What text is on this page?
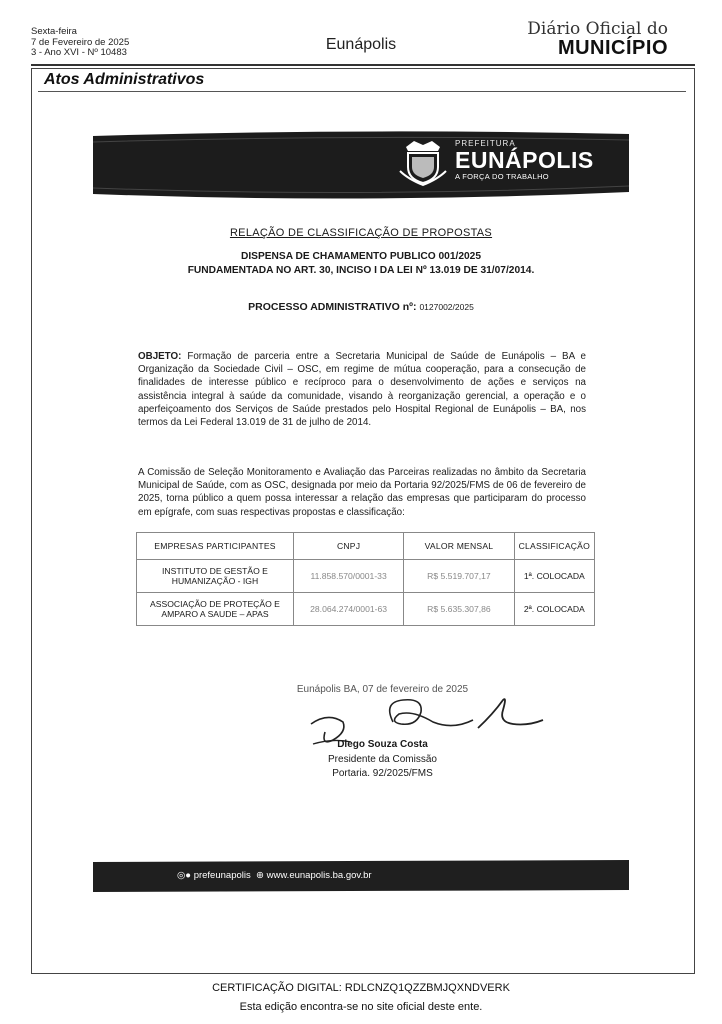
Sexta-feira
7 de Fevereiro de 2025
3 - Ano XVI - Nº 10483	Eunápolis
Diário Oficial do
MUNICÍPIO
Atos Administrativos
PREFEITURA
EUNÁPOLIS
A FORÇA DO TRABALHO
RELAÇÃO DE CLASSIFICAÇÃO DE PROPOSTAS
DISPENSA DE CHAMAMENTO PUBLICO 001/2025
FUNDAMENTADA NO ART. 30, INCISO I DA LEI Nº 13.019 DE 31/07/2014.
PROCESSO ADMINISTRATIVO nº: 0127002/2025
OBJETO: Formação de parceria entre a Secretaria Municipal de Saúde de Eunápolis – BA e Organização da Sociedade Civil – OSC, em regime de mútua cooperação, para a consecução de finalidades de interesse público e recíproco para o desenvolvimento de ações e serviços na assistência integral à saúde da comunidade, visando à reorganização gerencial, a operação e o aperfeiçoamento dos Serviços de Saúde prestados pelo Hospital Regional de Eunápolis – BA, nos termos da Lei Federal 13.019 de 31 de julho de 2014.
A Comissão de Seleção Monitoramento e Avaliação das Parceiras realizadas no âmbito da Secretaria Municipal de Saúde, com as OSC, designada por meio da Portaria 92/2025/FMS de 06 de fevereiro de 2025, torna público a quem possa interessar a relação das empresas que participaram do processo em epígrafe, com suas respectivas propostas e classificação:
EMPRESAS PARTICIPANTES	CNPJ	VALOR MENSAL	CLASSIFICAÇÃO

INSTITUTO DE GESTÃO E
HUMANIZAÇÃO - IGH	11.858.570/0001-33	R$ 5.519.707,17	1ª. COLOCADA

ASSOCIAÇÃO DE PROTEÇÃO E
AMPARO A SAUDE – APAS	28.064.274/0001-63	R$ 5.635.307,86	2ª. COLOCADA
Eunápolis BA, 07 de fevereiro de 2025
Diego Souza Costa
Presidente da Comissão
Portaria. 92/2025/FMS
◎● prefeunapolis ⊕ www.eunapolis.ba.gov.br
CERTIFICAÇÃO DIGITAL: RDLCNZQ1QZZBMJQXNDVERK
Esta edição encontra-se no site oficial deste ente.
